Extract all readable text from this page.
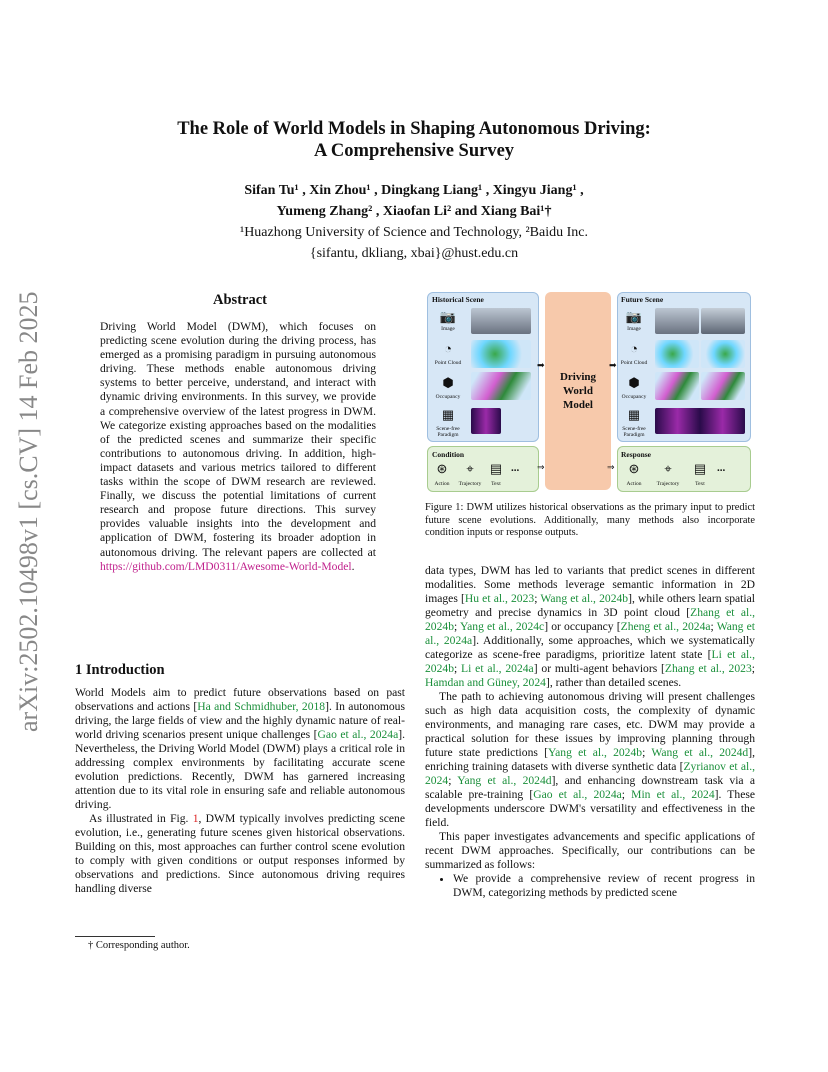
arXiv:2502.10498v1 [cs.CV] 14 Feb 2025
The Role of World Models in Shaping Autonomous Driving:
A Comprehensive Survey
Sifan Tu¹ , Xin Zhou¹ , Dingkang Liang¹ , Xingyu Jiang¹ ,
Yumeng Zhang² , Xiaofan Li² and Xiang Bai¹†
¹Huazhong University of Science and Technology, ²Baidu Inc.
{sifantu, dkliang, xbai}@hust.edu.cn
Abstract
Driving World Model (DWM), which focuses on predicting scene evolution during the driving process, has emerged as a promising paradigm in pursuing autonomous driving. These methods enable autonomous driving systems to better perceive, understand, and interact with dynamic driving environments. In this survey, we provide a comprehensive overview of the latest progress in DWM. We categorize existing approaches based on the modalities of the predicted scenes and summarize their specific contributions to autonomous driving. In addition, high-impact datasets and various metrics tailored to different tasks within the scope of DWM research are reviewed. Finally, we discuss the potential limitations of current research and propose future directions. This survey provides valuable insights into the development and application of DWM, fostering its broader adoption in autonomous driving. The relevant papers are collected at https://github.com/LMD0311/Awesome-World-Model.
1 Introduction

World Models aim to predict future observations based on past observations and actions [Ha and Schmidhuber, 2018]. In autonomous driving, the large fields of view and the highly dynamic nature of real-world driving scenarios present unique challenges [Gao et al., 2024a]. Nevertheless, the Driving World Model (DWM) plays a critical role in addressing complex environments by facilitating accurate scene evolution predictions. Recently, DWM has garnered increasing attention due to its vital role in ensuring safe and reliable autonomous driving.

As illustrated in Fig. 1, DWM typically involves predicting scene evolution, i.e., generating future scenes given historical observations. Building on this, most approaches can further control scene evolution to comply with given conditions or output responses informed by observations and predictions. Since autonomous driving requires handling diverse

† Corresponding author.
Historical Scene	Future Scene
📷
Image
◔
Point Cloud
⬢
Occupancy
▦
Scene-free Paradigm
Driving
World
Model
➡	➡
📷
Image
◔
Point Cloud
⬢
Occupancy
▦
Scene-free Paradigm
Condition
⊛	⌖	▤ ...
Action	Trajectory	Text
⇒	⇒
Response
⊛	⌖	▤ ...
Action	Trajectory	Text
Figure 1: DWM utilizes historical observations as the primary input to predict future scene evolutions. Additionally, many methods also incorporate condition inputs or response outputs.

data types, DWM has led to variants that predict scenes in different modalities. Some methods leverage semantic information in 2D images [Hu et al., 2023; Wang et al., 2024b], while others learn spatial geometry and precise dynamics in 3D point cloud [Zhang et al., 2024b; Yang et al., 2024c] or occupancy [Zheng et al., 2024a; Wang et al., 2024a]. Additionally, some approaches, which we systematically categorize as scene-free paradigms, prioritize latent state [Li et al., 2024b; Li et al., 2024a] or multi-agent behaviors [Zhang et al., 2023; Hamdan and Güney, 2024], rather than detailed scenes.

The path to achieving autonomous driving will present challenges such as high data acquisition costs, the complexity of dynamic environments, and managing rare cases, etc. DWM may provide a practical solution for these issues by improving planning through future state predictions [Yang et al., 2024b; Wang et al., 2024d], enriching training datasets with diverse synthetic data [Zyrianov et al., 2024; Yang et al., 2024d], and enhancing downstream task via a scalable pre-training [Gao et al., 2024a; Min et al., 2024]. These developments underscore DWM's versatility and effectiveness in the field.

This paper investigates advancements and specific applications of recent DWM approaches. Specifically, our contributions can be summarized as follows:

• We provide a comprehensive review of recent progress in DWM, categorizing methods by predicted scene
